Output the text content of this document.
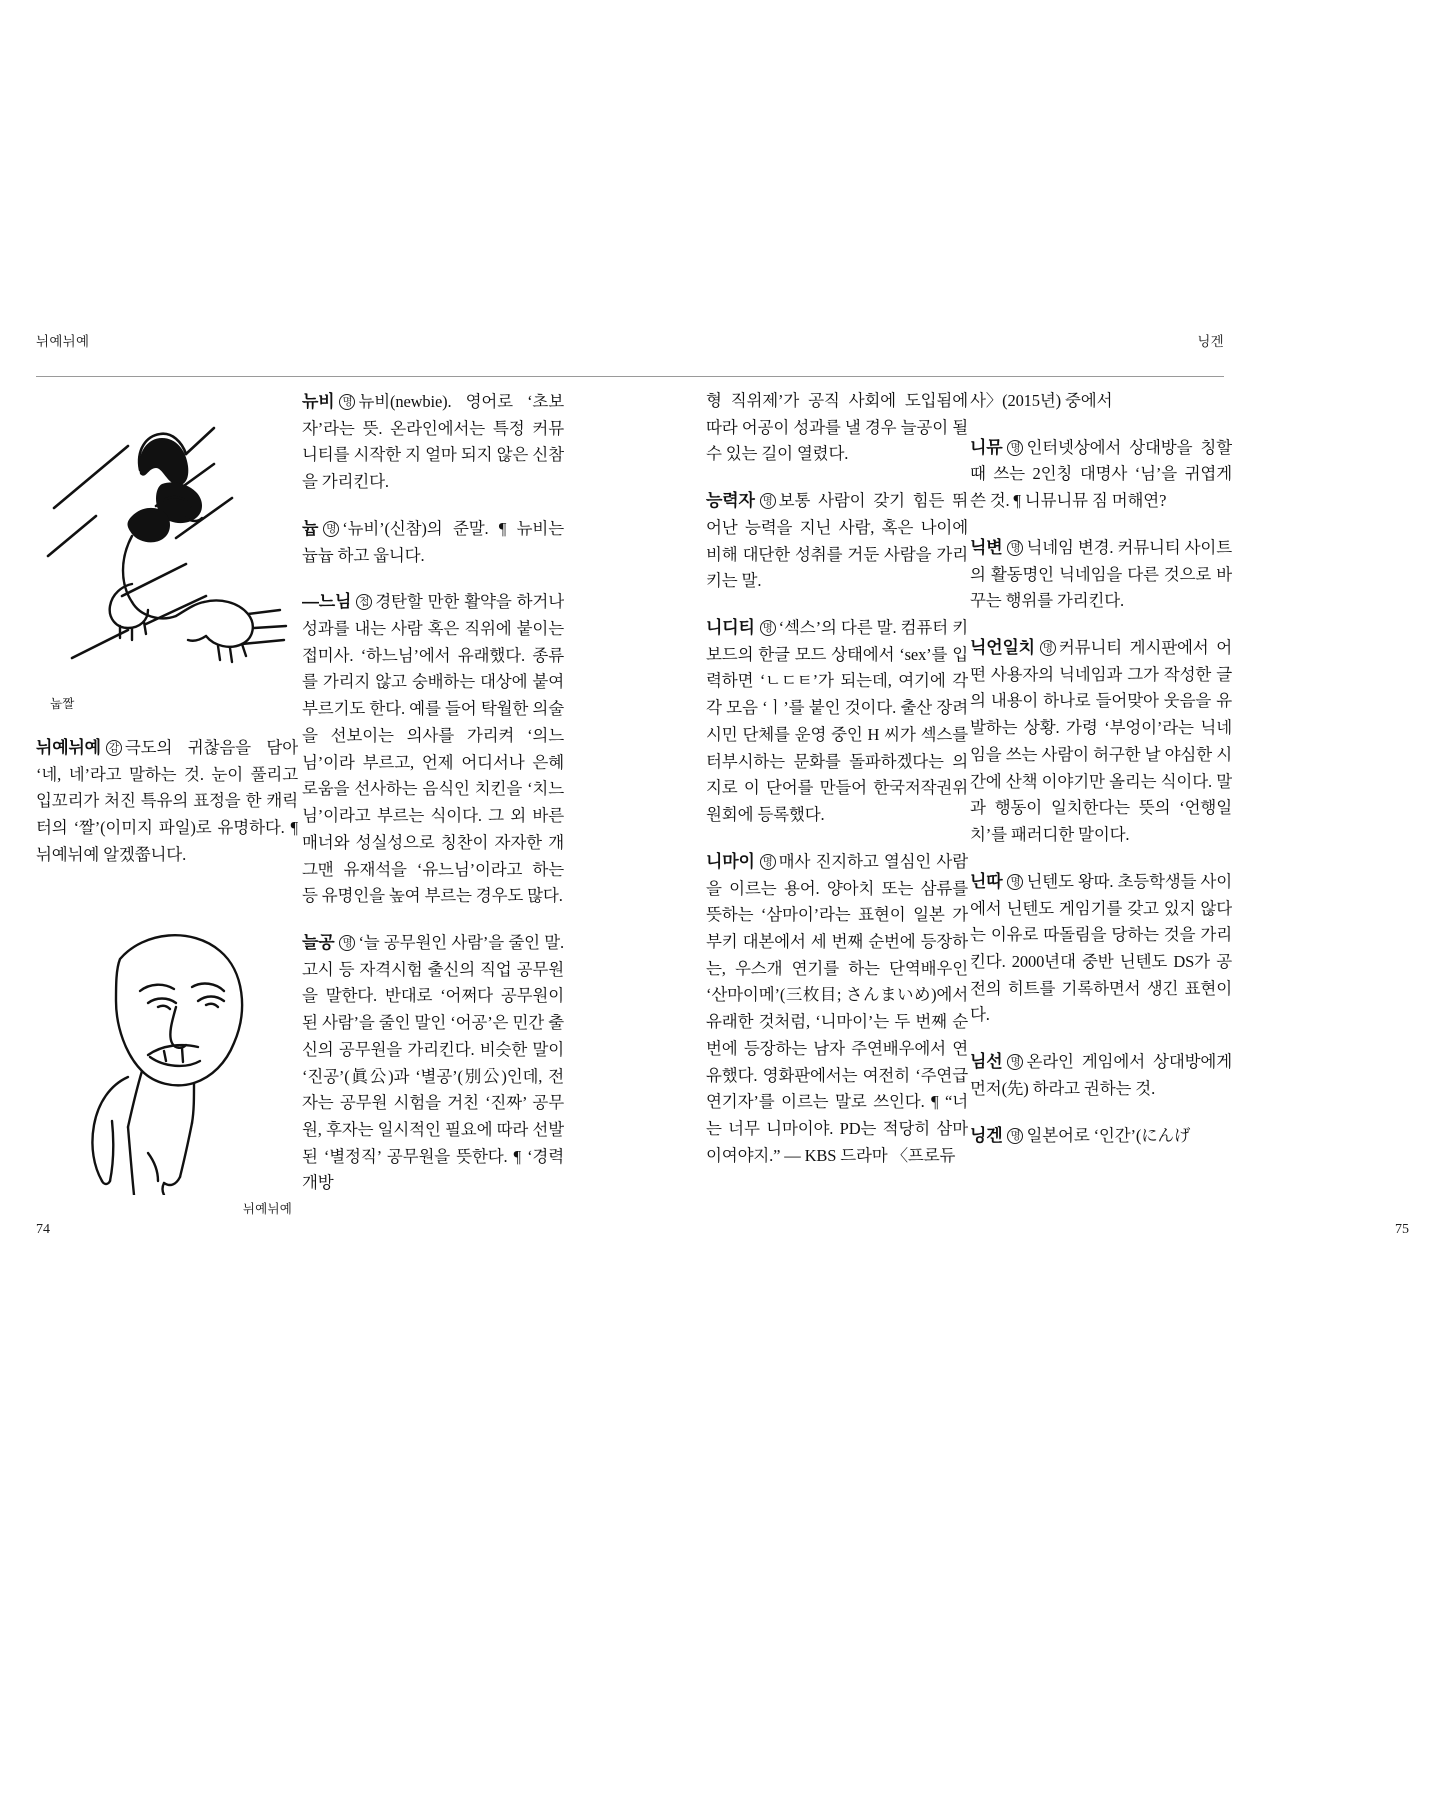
뉘예뉘예	닝겐
눕짤

뉘예뉘예 감 극도의 귀찮음을 담아 ‘네, 네’라고 말하는 것. 눈이 풀리고 입꼬리가 처진 특유의 표정을 한 캐릭터의 ‘짤’(이미지 파일)로 유명하다. ¶ 뉘예뉘예 알겠쭙니다.

뉘예뉘예

뉴비 명 뉴비(newbie). 영어로 ‘초보자’라는 뜻. 온라인에서는 특정 커뮤니티를 시작한 지 얼마 되지 않은 신참을 가리킨다.

늅 명 ‘뉴비’(신참)의 준말. ¶ 뉴비는 늅늅 하고 웁니다.

—느님 접 경탄할 만한 활약을 하거나 성과를 내는 사람 혹은 직위에 붙이는 접미사. ‘하느님’에서 유래했다. 종류를 가리지 않고 숭배하는 대상에 붙여 부르기도 한다. 예를 들어 탁월한 의술을 선보이는 의사를 가리켜 ‘의느님’이라 부르고, 언제 어디서나 은혜로움을 선사하는 음식인 치킨을 ‘치느님’이라고 부르는 식이다. 그 외 바른 매너와 성실성으로 칭찬이 자자한 개그맨 유재석을 ‘유느님’이라고 하는 등 유명인을 높여 부르는 경우도 많다.

늘공 명 ‘늘 공무원인 사람’을 줄인 말. 고시 등 자격시험 출신의 직업 공무원을 말한다. 반대로 ‘어쩌다 공무원이 된 사람’을 줄인 말인 ‘어공’은 민간 출신의 공무원을 가리킨다. 비슷한 말이 ‘진공’(眞公)과 ‘별공’(別公)인데, 전자는 공무원 시험을 거친 ‘진짜’ 공무원, 후자는 일시적인 필요에 따라 선발된 ‘별정직’ 공무원을 뜻한다. ¶ ‘경력 개방

형 직위제’가 공직 사회에 도입됨에 따라 어공이 성과를 낼 경우 늘공이 될 수 있는 길이 열렸다.

능력자 명 보통 사람이 갖기 힘든 뛰어난 능력을 지닌 사람, 혹은 나이에 비해 대단한 성취를 거둔 사람을 가리키는 말.

니디티 명 ‘섹스’의 다른 말. 컴퓨터 키보드의 한글 모드 상태에서 ‘sex’를 입력하면 ‘ㄴㄷㅌ’가 되는데, 여기에 각각 모음 ‘ㅣ’를 붙인 것이다. 출산 장려 시민 단체를 운영 중인 H 씨가 섹스를 터부시하는 문화를 돌파하겠다는 의지로 이 단어를 만들어 한국저작권위원회에 등록했다.

니마이 명 매사 진지하고 열심인 사람을 이르는 용어. 양아치 또는 삼류를 뜻하는 ‘삼마이’라는 표현이 일본 가부키 대본에서 세 번째 순번에 등장하는, 우스개 연기를 하는 단역배우인 ‘산마이메’(三枚目; さんまいめ)에서 유래한 것처럼, ‘니마이’는 두 번째 순번에 등장하는 남자 주연배우에서 연유했다. 영화판에서는 여전히 ‘주연급 연기자’를 이르는 말로 쓰인다. ¶ “너는 너무 니마이야. PD는 적당히 삼마이여야지.” — KBS 드라마 〈프로듀

사〉(2015년) 중에서

니뮤 명 인터넷상에서 상대방을 칭할 때 쓰는 2인칭 대명사 ‘님’을 귀엽게 쓴 것. ¶ 니뮤니뮤 짐 머해연?

닉변 명 닉네임 변경. 커뮤니티 사이트의 활동명인 닉네임을 다른 것으로 바꾸는 행위를 가리킨다.

닉언일치 명 커뮤니티 게시판에서 어떤 사용자의 닉네임과 그가 작성한 글의 내용이 하나로 들어맞아 웃음을 유발하는 상황. 가령 ‘부엉이’라는 닉네임을 쓰는 사람이 허구한 날 야심한 시간에 산책 이야기만 올리는 식이다. 말과 행동이 일치한다는 뜻의 ‘언행일치’를 패러디한 말이다.

닌따 명 닌텐도 왕따. 초등학생들 사이에서 닌텐도 게임기를 갖고 있지 않다는 이유로 따돌림을 당하는 것을 가리킨다. 2000년대 중반 닌텐도 DS가 공전의 히트를 기록하면서 생긴 표현이다.

님선 명 온라인 게임에서 상대방에게 먼저(先) 하라고 권하는 것.

닝겐 명 일본어로 ‘인간’(にんげ

74	75
